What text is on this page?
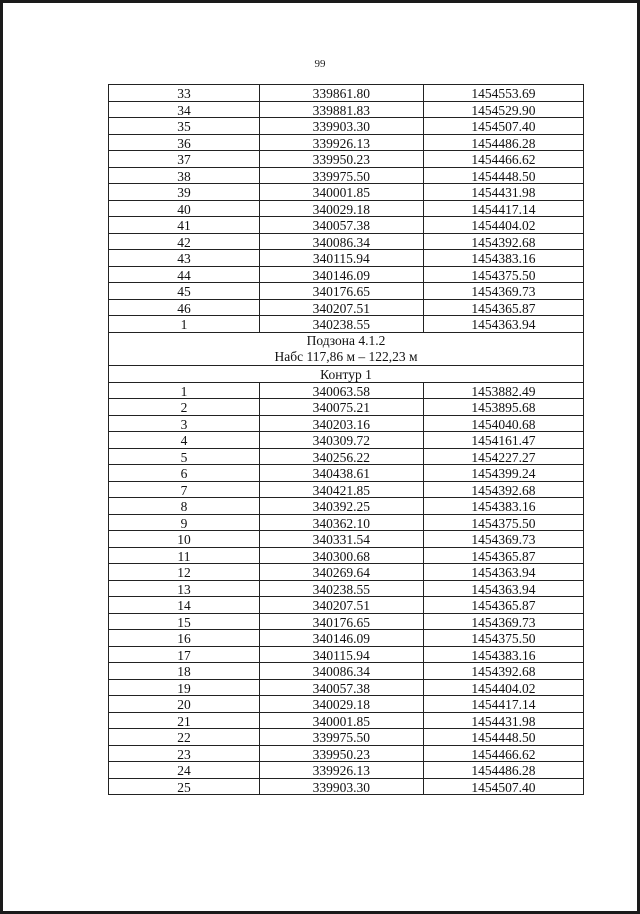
99
33	339861.80	1454553.69
34	339881.83	1454529.90
35	339903.30	1454507.40
36	339926.13	1454486.28
37	339950.23	1454466.62
38	339975.50	1454448.50
39	340001.85	1454431.98
40	340029.18	1454417.14
41	340057.38	1454404.02
42	340086.34	1454392.68
43	340115.94	1454383.16
44	340146.09	1454375.50
45	340176.65	1454369.73
46	340207.51	1454365.87
1	340238.55	1454363.94

Подзона 4.1.2
Набс 117,86 м – 122,23 м		

Контур 1		
1	340063.58	1453882.49
2	340075.21	1453895.68
3	340203.16	1454040.68
4	340309.72	1454161.47
5	340256.22	1454227.27
6	340438.61	1454399.24
7	340421.85	1454392.68
8	340392.25	1454383.16
9	340362.10	1454375.50
10	340331.54	1454369.73
11	340300.68	1454365.87
12	340269.64	1454363.94
13	340238.55	1454363.94
14	340207.51	1454365.87
15	340176.65	1454369.73
16	340146.09	1454375.50
17	340115.94	1454383.16
18	340086.34	1454392.68
19	340057.38	1454404.02
20	340029.18	1454417.14
21	340001.85	1454431.98
22	339975.50	1454448.50
23	339950.23	1454466.62
24	339926.13	1454486.28
25	339903.30	1454507.40
